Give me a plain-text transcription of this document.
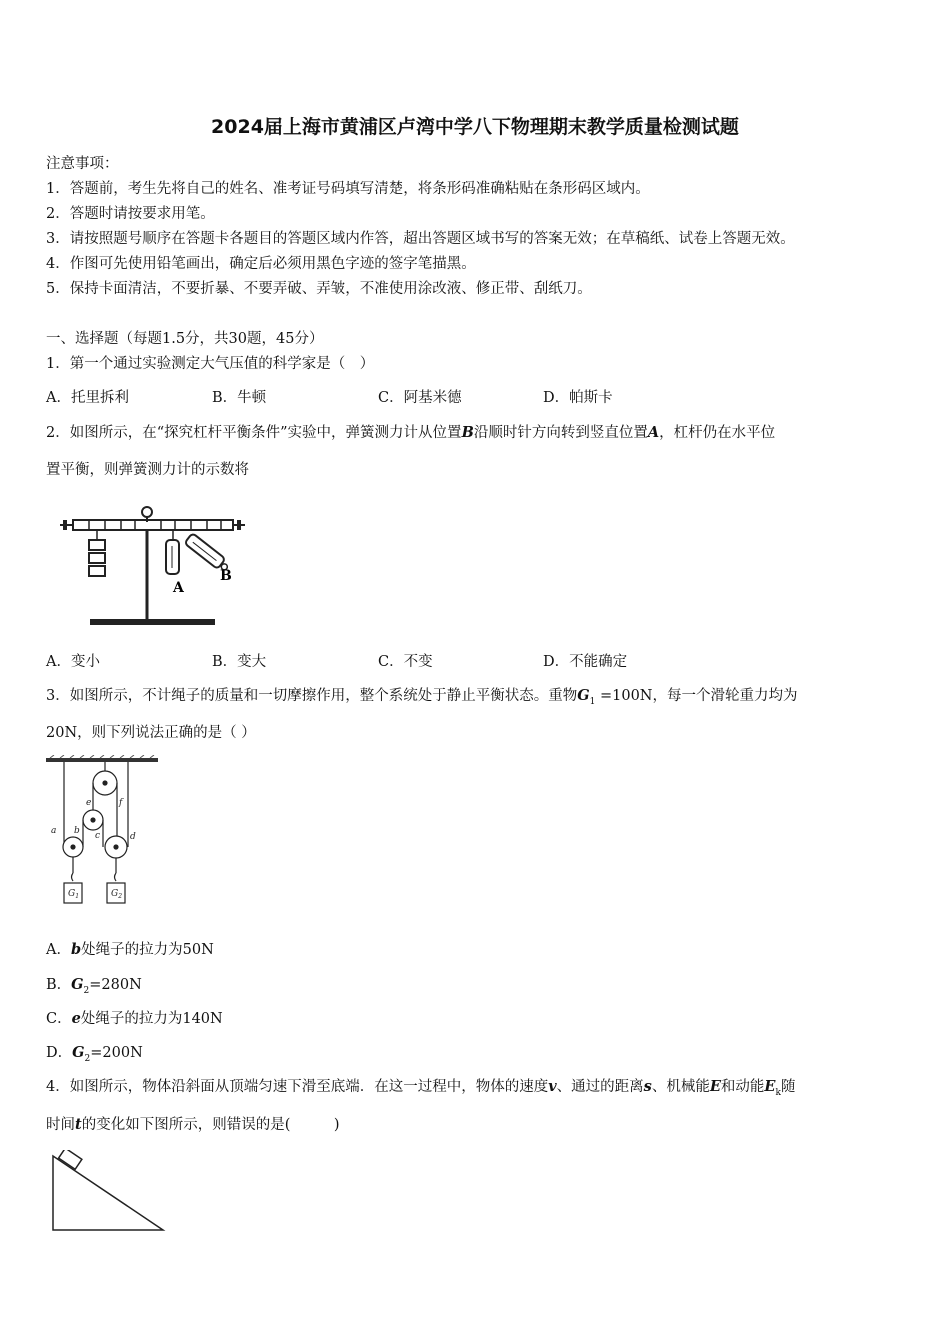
2024届上海市黄浦区卢湾中学八下物理期末教学质量检测试题
注意事项：
1．答题前，考生先将自己的姓名、准考证号码填写清楚，将条形码准确粘贴在条形码区域内。
2．答题时请按要求用笔。
3．请按照题号顺序在答题卡各题目的答题区域内作答，超出答题区域书写的答案无效；在草稿纸、试卷上答题无效。
4．作图可先使用铅笔画出，确定后必须用黑色字迹的签字笔描黑。
5．保持卡面清洁，不要折暴、不要弄破、弄皱，不准使用涂改液、修正带、刮纸刀。
一、选择题（每题1.5分，共30题，45分）
1．第一个通过实验测定大气压值的科学家是（　）
A．托里拆利	B．牛顿	C．阿基米德	D．帕斯卡
2．如图所示，在“探究杠杆平衡条件”实验中，弹簧测力计从位置B沿顺时针方向转到竖直位置A，杠杆仍在水平位
置平衡，则弹簧测力计的示数将
A
B
A．变小	B．变大	C．不变	D．不能确定
3．如图所示，不计绳子的质量和一切摩擦作用，整个系统处于静止平衡状态。重物$G_1 =100N$，每一个滑轮重力均为
20N，则下列说法正确的是（ ）
a b c	d
e	f
$G_1$	$G_2$
A．b处绳子的拉力为50N
B．$G_2=280N$
C．e处绳子的拉力为140N
D．$G_2=200N$
4．如图所示，物体沿斜面从顶端匀速下滑至底端．在这一过程中，物体的速度v、通过的距离s、机械能E和动能$E_k$随
时间t的变化如下图所示，则错误的是(　　　)
